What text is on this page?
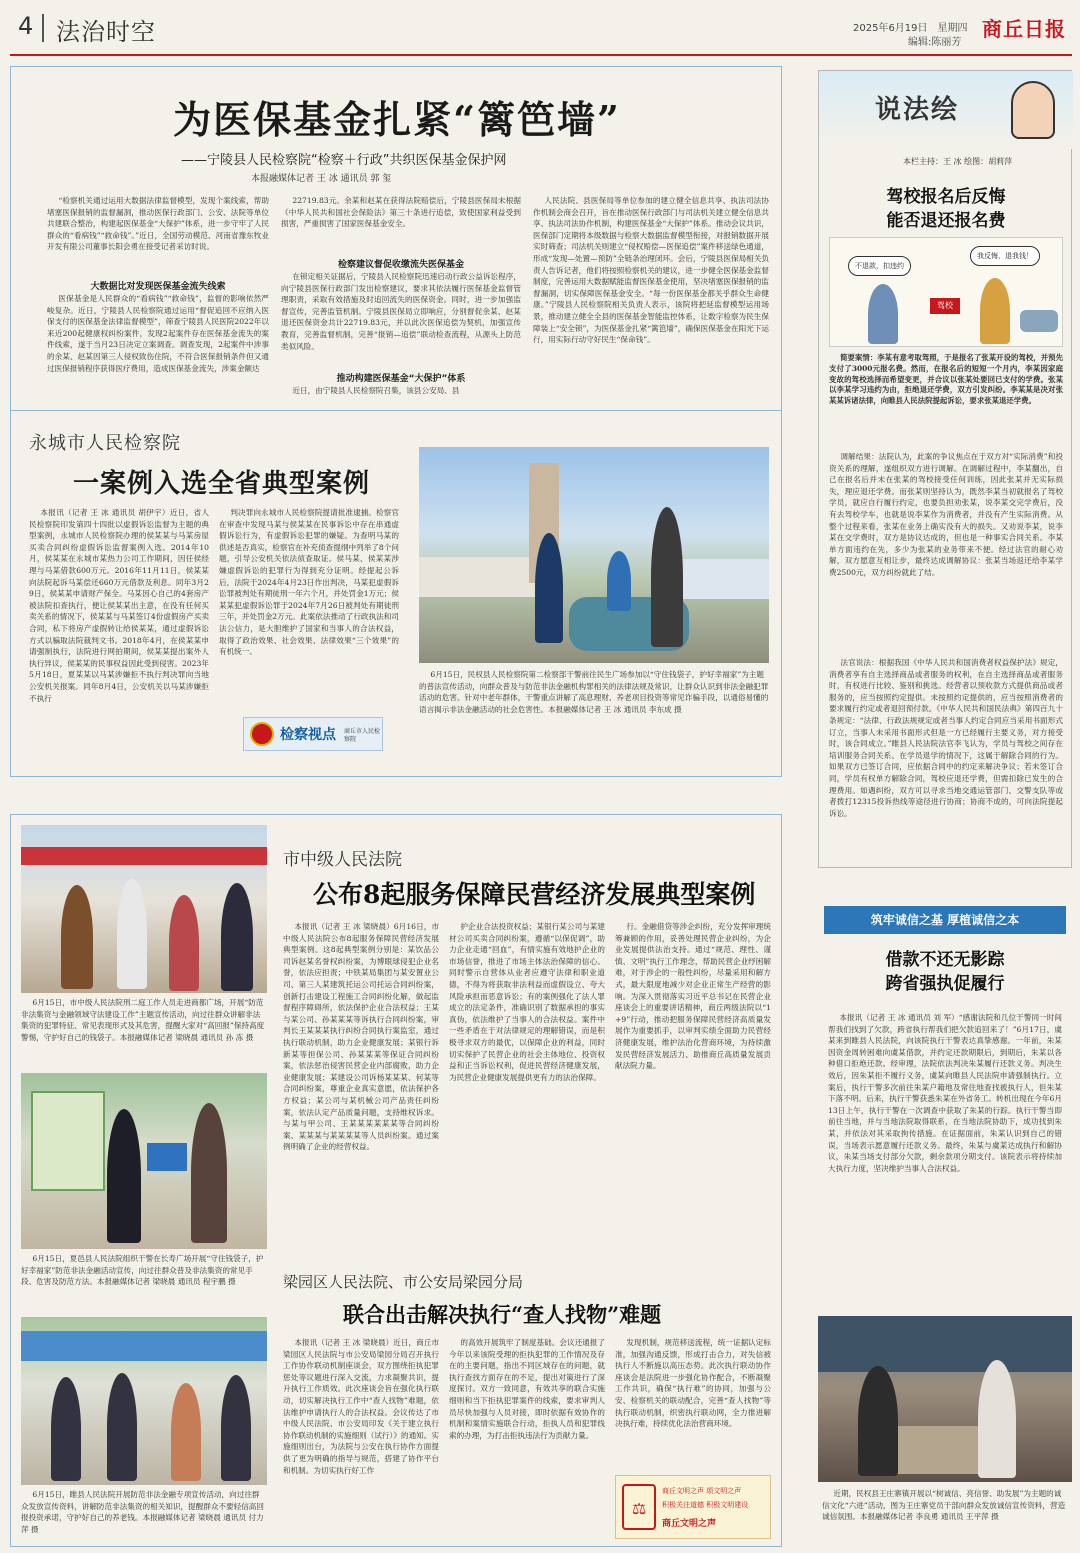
4 法治时空	2025年6月19日　星期四
编辑:陈丽芳
商丘日报
为医保基金扎紧“篱笆墙”
——宁陵县人民检察院“检察＋行政”共织医保基金保护网
本报融媒体记者 王 冰 通讯员 郭 玺
“检察机关通过运用大数据法律监督模型，发现个案线索，帮助堵塞医保报销的监督漏洞，推动医保行政部门、公安、法院等单位共建联合整治，构建起医保基金“大保护”体系，进一步守牢了人民群众的“看病钱”“救命钱”。”近日，全国劳动模范、河南省豫东牧业开发有限公司董事长阳会勇在接受记者采访时说。
大数据比对发现医保基金流失线索
医保基金是人民群众的“看病钱”“救命钱”，监督的影响依然严峻复杂。近日，宁陵县人民检察院通过运用“督促追回不应纳入医保支付的医保基金法律监督模型”，筛查宁陵县人民医院2022年以来近200起健康权纠纷案件，发现2起案件存在医保基金流失的案件线索，遂于当月23日决定立案调查。调查发现，2起案件中涉事的余某、赵某因第三人侵权致伤住院，不符合医保报销条件但又通过医保报销程序获得医疗费用，造成医保基金流失，涉案金额达
22719.83元。余某和赵某在获得法院赔偿后，宁陵县医保局未根据《中华人民共和国社会保险法》第三十条进行追偿，致使国家利益受到损害，严重损害了国家医保基金安全。
检察建议督促收缴流失医保基金
在锁定相关证据后，宁陵县人民检察院迅速启动行政公益诉讼程序，向宁陵县医保行政部门发出检察建议，要求其依法履行医保基金监督管理职责，采取有效措施及时追回流失的医保资金。同时，进一步加强监督宣传，完善监管机制。宁陵县医保局立即响应，分别督促余某、赵某退还医保资金共计22719.83元，并以此次医保追偿为契机，加强宣传教育，完善监督机制，完善“报销—追偿”联动检查流程，从源头上防范类似风险。
推动构建医保基金“大保护”体系
近日，由宁陵县人民检察院召集，该县公安局、县
人民法院、县医保局等单位参加的建立健全信息共享、执法司法协作机制会商会召开，旨在推动医保行政部门与司法机关建立健全信息共享、执法司法协作机制，构建医保基金“大保护”体系。推动会议共识，医保部门定期将本级数据与检察大数据监督模型衔接，对报销数据开展实时筛查；司法机关则建立“侵权赔偿—医保追偿”案件移送绿色通道，形成“发现—处置—预防”全链条治理闭环。会后，宁陵县医保局相关负责人告诉记者，他们将按照检察机关的建议，进一步健全医保基金监督制度，完善运用大数据赋能监督医保基金使用，坚决堵塞医保报销的监督漏洞，切实保障医保基金安全。“每一份医保基金都关乎群众生命健康。”宁陵县人民检察院相关负责人表示，该院将把延监督模型运用场景，推动建立健全全县的医保基金智能监控体系，让数字检察为民生保障装上“安全锁”，为医保基金扎紧“篱笆墙”，确保医保基金在阳光下运行，用实际行动守好民生“保命钱”。
永城市人民检察院
一案例入选全省典型案例
本报讯（记者 王 冰 通讯员 胡伊宇）近日，省人民检察院印发第四十四批以虚假诉讼监督为主题的典型案例，永城市人民检察院办理的侯某某与马某房屋买卖合同纠纷虚假诉讼监督案例入选。2014年10月，侯某某在永城市某热力公司工作期间，因任侯经理与马某借款600万元。2016年11月11日，侯某某向法院起诉马某偿还660万元借款及利息。同年3月29日，侯某某申请财产保全。马某因心自己的4套房产被法院扣查执行，便让侯某某出主意，在没有任何买卖关系的情况下，侯某某与马某签订4份虚假房产买卖合同，私下将房产虚假转让给侯某某，通过虚假诉讼方式以骗取法院裁判文书。2018年4月，在侯某某申请强制执行，法院进行网拍期间，侯某某提出案外人执行异议，侯某某的民事权益因此受到侵害。2023年5月18日，夏某某以马某涉嫌拒不执行判决罪向当地公安机关报案。同年8月4日，公安机关以马某涉嫌拒不执行
判决罪向永城市人民检察院提请批准逮捕。检察官在审查中发现马某与侯某某在民事诉讼中存在串通虚假诉讼行为，有虚假诉讼犯罪的嫌疑。为查明马某的供述是否真实，检察官在补充侦查提纲中列举了8个问题，引导公安机关依法侦查取证。侯马某、侯某某涉嫌虚假诉讼的犯罪行为得到充分证明。经提起公诉后，法院于2024年4月23日作出判决，马某犯虚假诉讼罪被判处有期徒刑一年六个月，并处罚金1万元；侯某某犯虚假诉讼罪于2024年7月26日被判处有期徒刑三年，并处罚金2万元。此案依法推动了行政执法和司法公信力，是大胆维护了国家和当事人的合法权益，取得了政治效果、社会效果、法律效果“三个效果”的有机统一。
检察视点 商丘市人民检察院
6月15日，民权县人民检察院第二检察部干警前往民生广场参加以“守住钱袋子，护好幸福家”为主题的普法宣传活动，向群众普及与防范非法金融机构罪相关的法律法规及常识，让群众认识到非法金融犯罪活动的危害。针对中老年群体，干警重点讲解了高息理财、养老项目投资等常见诈骗手段，以通俗易懂的语言揭示非法金融活动的社会危害性。本报融媒体记者 王 冰 通讯员 李东成 摄
说法绘
本栏主持：王 冰 绘图：胡莉萍
驾校报名后反悔
能否退还报名费
不退款，扣违约
我反悔，退我钱！
驾校
简要案情：李某有意考取驾照，于是报名了张某开设的驾校，并预先支付了3000元报名费。然而，在报名后的短短一个月内，李某因家庭变故的驾校选择而希望变更，并合议以张某处要回已支付的学费。张某以李某学习违约为由，拒绝退还学费，双方引发纠纷。李某某是决对张某某诉诸法律，向睢县人民法院提起诉讼，要求张某退还学费。
调解结果：法院认为，此案的争议焦点在于双方对“实际消费”和投资关系的理解，遂组织双方进行调解。在调解过程中，李某翻出，自己在报名后并未在张某的驾校接受任何训练，因此张某并无实际损失，理应退还学费。而张某则坚持认为，既然李某当初就报名了驾校学员，就应自行履行约定，也要负担劝张某，说李某交完学费后，没有去驾校学车，也就是说李某作为消费者，并没有产生实际消费。从整个过程来看，张某在业务上确实没有大的损失。又劝说李某，说李某在交学费时，双方是协议达成的，但也是一种事实合同关系。李某单方面违约在先，多少为张某的业务带来不便。经过法官的耐心劝解，双方愿意互相让步，最终达成调解协议：张某当场返还给李某学费2500元，双方纠纷就此了结。
法官说法：根据我国《中华人民共和国消费者权益保护法》规定，消费者享有自主选择商品或者服务的权利，在自主选择商品或者服务时，有权进行比较、鉴别和挑选。经营者以预收款方式提供商品或者服务的，应当按照约定提供。未按照约定提供的，应当按照消费者的要求履行约定或者退回预付款。《中华人民共和国民法典》第四百九十条规定：“法律、行政法规规定或者当事人约定合同应当采用书面形式订立，当事人未采用书面形式但是一方已经履行主要义务，对方接受时，该合同成立。”睢县人民法院法官李飞认为，学员与驾校之间存在培训服务合同关系。在学员退学的情况下，这属于解除合同的行为。如果双方已签订合同，应依据合同中的约定来解决争议；若未签订合同，学员有权单方解除合同，驾校应退还学费，但需扣除已发生的合理费用。如遇纠纷，双方可以寻求当地交通运管部门、交警支队等或者拨打12315投诉热线等途径进行协商；协商不成的，可向法院提起诉讼。
筑牢诚信之基 厚植诚信之本
借款不还无影踪
跨省强执促履行
本报讯（记者 王 冰 通讯员 刘 军）“感谢法院和几位干警同一时间帮我们找到了欠款，跨省执行帮我们把欠款追回来了！”6月17日，虞某来到睢县人民法院，向该院执行干警表达真挚感谢。一年前，朱某因资金周转困难向虞某借款，并约定还款期限后，到期后，朱某以各种借口拒绝还款。经审理，法院依法判决朱某履行还款义务。判决生效后，因朱某拒不履行义务，虞某向睢县人民法院申请强制执行。立案后，执行干警多次前往朱某户籍地及常住地查找被执行人，但朱某下落不明。后来，执行干警获悉朱某在外省务工。转机出现在今年6月13日上午，执行干警在一次调查中获取了朱某的行踪。执行干警当即前往当地，并与当地法院取得联系，在当地法院协助下，成功找到朱某，并依法对其采取拘传措施。在证据面前，朱某认识到自己的错误，当场表示愿意履行还款义务。最终，朱某与虞某达成执行和解协议，朱某当场支付部分欠款，剩余款项分期支付。该院表示将持续加大执行力度，坚决维护当事人合法权益。
近期，民权县王庄寨镇开展以“树诚信、亮信誉、助发展”为主题的诚信文化“六进”活动，图为王庄寨党员干部向群众发放诚信宣传资料，营造诚信氛围。本报融媒体记者 李良勇 通讯员 王平萍 摄
6月15日，市中级人民法院刑二庭工作人员走进商都广场，开展“防范非法集资与金融领域守法建设工作”主题宣传活动，向过往群众讲解非法集资的犯罪特征、常见表现形式及其危害，提醒大家对“高回报”保持高度警惕，守护好自己的钱袋子。本报融媒体记者 梁晓晨 通讯员 孙 冻 摄
6月15日，夏邑县人民法院组织干警在长寿广场开展“守住钱袋子，护好幸福家”防范非法金融活动宣传，向过往群众普及非法集资的常见手段、危害及防范方法。本报融媒体记者 梁晓晨 通讯员 程宇鹏 摄
6月15日，睢县人民法院开展防范非法金融专项宣传活动，向过往群众发放宣传资料，讲解防范非法集资的相关知识，提醒群众不要轻信高回报投资承诺，守护好自己的养老钱。本报融媒体记者 梁晓晨 通讯员 付力萍 摄
市中级人民法院
公布8起服务保障民营经济发展典型案例
本报讯（记者 王 冰 梁晓晨）6月16日，市中级人民法院公布8起服务保障民营经济发展典型案例。这8起典型案例分别是：某饮品公司诉赵某名誉权纠纷案，为博眼球侵犯企业名誉，依法应担责；中铁某局集团与某安置业公司、第三人某建筑托运公司托运合同纠纷案，创新打击建设工程施工合同纠纷化解，做起监督程序障碍所，依法保护企业合法权益；王某与某公司、孙某某某等诉执行合同纠纷案，审判长王某某某执行纠纷合同执行案监室，通过执行联动机制，助力企业健康发展；某银行诉新某等担保公司、孙某某某等保证合同纠纷案，依法惩治侵害民营企业内部腐败，助力企业健康发展；某建设公司诉杨某某某、何某等合同纠纷案，尊重企业真实意愿，依法保护各方权益；某公司与某机械公司产品责任纠纷案，依法认定产品质量问题，支持维权诉求。与某与甲公司、王某某某某某某等合同纠纷案、某某某与某某某某等人员纠纷案。通过案例明确了企业的经营权益。
护企业合法投资权益；某银行某公司与某建材公司买卖合同纠纷案，遵循“以保促调”，助力企业走通“回血”，有情实施有效地护企业的市场信誉，推进了市场主体法治保障的信心。同时警示自营体从业者应遵守法律和职业道德，不得为将获取非法利益而虚假设立、夸大风险承担而恶意诉讼；有的案例强化了法人罪成立的法定条件，准确识别了数据承担的事实真伪，依法维护了当事人的合法权益。案件中一些矛盾在于对法律规定的理解错误，而是积极寻求双方的最优，以保障企业的利益，同时切实保护了民营企业的社会主体地位、投资权益和正当诉讼权利，促进民营经济健康发展，为民营企业健康发展提供更有力的法治保障。
行。金融借贷等涉企纠纷，充分发挥审理统筹兼顾的作用，妥善处理民营企业纠纷，为企业发展提供法治支持。通过“规范、理性、谨慎、文明”执行工作理念，帮助民营企业纾困解难，对于涉企的一般性纠纷，尽量采用和解方式，最大限度地减少对企业正常生产经营的影响。为深入贯彻落实习近平总书记在民营企业座谈会上的重要讲话精神，商丘两级法院以“1+9”行动，推动把服务保障民营经济高质量发展作为重要抓手，以审判实绩全面助力民营经济健康发展，维护法治化营商环境，为持续激发民营经济发展活力、助推商丘高质量发展贡献法院力量。
梁园区人民法院、市公安局梁园分局
联合出击解决执行“查人找物”难题
本报讯（记者 王 冰 梁晓晨）近日，商丘市梁园区人民法院与市公安局梁园分局召开执行工作协作联动机制座谈会，双方围绕拒执犯罪惩处等议题进行深入交流，力求凝聚共识，提升执行工作质效。此次座谈会旨在强化执行联动，切实解决执行工作中“查人找物”难题，依法维护申请执行人的合法权益。会议传达了市中级人民法院、市公安局印发《关于建立执行协作联动机制的实施细则（试行）》的通知。实施细则出台，为法院与公安在执行协作方面提供了更为明确的指导与规范，搭建了协作平台和机制。为切实执行好工作
的高效开展筑牢了制度基础。会议还通报了今年以来该院受理的拒执犯罪的工作情况及存在的主要问题，指出不同区域存在的问题，就执行查找方面存在的不足，提出对策进行了深度探讨。双方一致同意，有效共享的联合实施细则和当下拒执犯罪案件的线索，要求审判人员尽快加强与人员对接，即时依据有效协作的机制和案情实施联合行动，拒执人员和犯罪线索的办理，为打击拒执违法行为贡献力量。
发现机制，规范移送流程，统一证据认定标准，加强沟通反馈，形成打击合力，对失信被执行人不断施以高压态势。此次执行联动协作座谈会是法院进一步强化协作配合，不断凝聚工作共识，确保“执行难”的协同，加强与公安、检察机关的联动配合，完善“查人找物”等执行联动机制，织密执行联动网，全力推进解决执行难，持续优化法治营商环境。
⚖
商丘文明之声 颂文明之声
积极关注道德 积极文明建设
商丘文明之声
